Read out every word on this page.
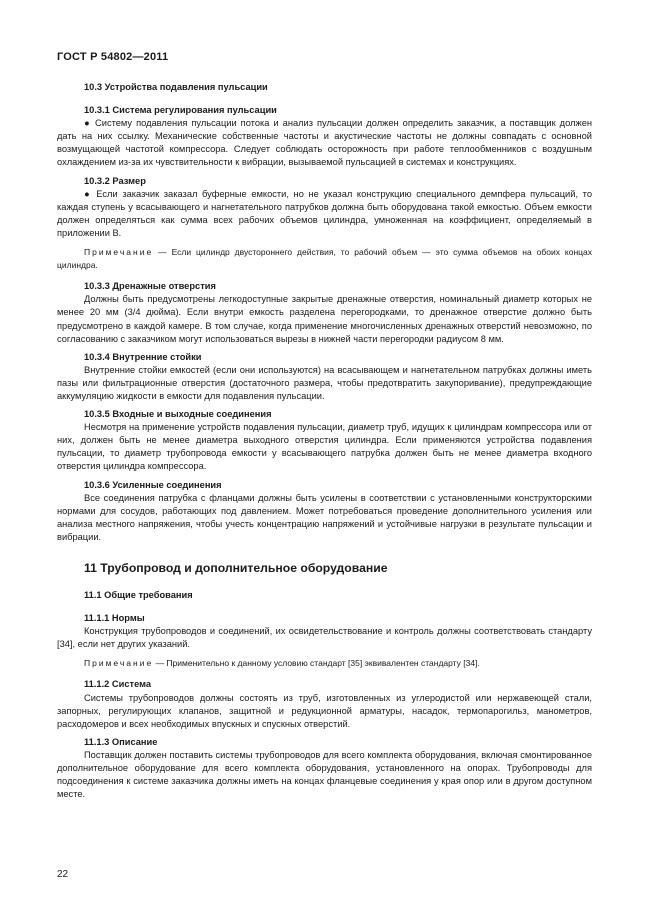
ГОСТ Р 54802—2011

10.3 Устройства подавления пульсации

10.3.1 Система регулирования пульсации

● Систему подавления пульсации потока и анализ пульсации должен определить заказчик, а поставщик должен дать на них ссылку. Механические собственные частоты и акустические частоты не должны совпадать с основной возмущающей частотой компрессора. Следует соблюдать осторожность при работе теплообменников с воздушным охлаждением из-за их чувствительности к вибрации, вызываемой пульсацией в системах и конструкциях.

10.3.2 Размер

● Если заказчик заказал буферные емкости, но не указал конструкцию специального демпфера пульсаций, то каждая ступень у всасывающего и нагнетательного патрубков должна быть оборудована такой емкостью. Объем емкости должен определяться как сумма всех рабочих объемов цилиндра, умноженная на коэффициент, определяемый в приложении В.

Примечание — Если цилиндр двустороннего действия, то рабочий объем — это сумма объемов на обоих концах цилиндра.

10.3.3 Дренажные отверстия

Должны быть предусмотрены легкодоступные закрытые дренажные отверстия, номинальный диаметр которых не менее 20 мм (3/4 дюйма). Если внутри емкость разделена перегородками, то дренажное отверстие должно быть предусмотрено в каждой камере. В том случае, когда применение многочисленных дренажных отверстий невозможно, по согласованию с заказчиком могут использоваться вырезы в нижней части перегородки радиусом 8 мм.

10.3.4 Внутренние стойки

Внутренние стойки емкостей (если они используются) на всасывающем и нагнетательном патрубках должны иметь пазы или фильтрационные отверстия (достаточного размера, чтобы предотвратить закупоривание), предупреждающие аккумуляцию жидкости в емкости для подавления пульсации.

10.3.5 Входные и выходные соединения

Несмотря на применение устройств подавления пульсации, диаметр труб, идущих к цилиндрам компрессора или от них, должен быть не менее диаметра выходного отверстия цилиндра. Если применяются устройства подавления пульсации, то диаметр трубопровода емкости у всасывающего патрубка должен быть не менее диаметра входного отверстия цилиндра компрессора.

10.3.6 Усиленные соединения

Все соединения патрубка с фланцами должны быть усилены в соответствии с установленными конструкторскими нормами для сосудов, работающих под давлением. Может потребоваться проведение дополнительного усиления или анализа местного напряжения, чтобы учесть концентрацию напряжений и устойчивые нагрузки в результате пульсации и вибрации.

11 Трубопровод и дополнительное оборудование

11.1 Общие требования

11.1.1 Нормы

Конструкция трубопроводов и соединений, их освидетельствование и контроль должны соответствовать стандарту [34], если нет других указаний.

Примечание — Применительно к данному условию стандарт [35] эквивалентен стандарту [34].

11.1.2 Система

Системы трубопроводов должны состоять из труб, изготовленных из углеродистой или нержавеющей стали, запорных, регулирующих клапанов, защитной и редукционной арматуры, насадок, термопарогильз, манометров, расходомеров и всех необходимых впускных и спускных отверстий.

11.1.3 Описание

Поставщик должен поставить системы трубопроводов для всего комплекта оборудования, включая смонтированное дополнительное оборудование для всего комплекта оборудования, установленного на опорах. Трубопроводы для подсоединения к системе заказчика должны иметь на концах фланцевые соединения у края опор или в другом доступном месте.

22
